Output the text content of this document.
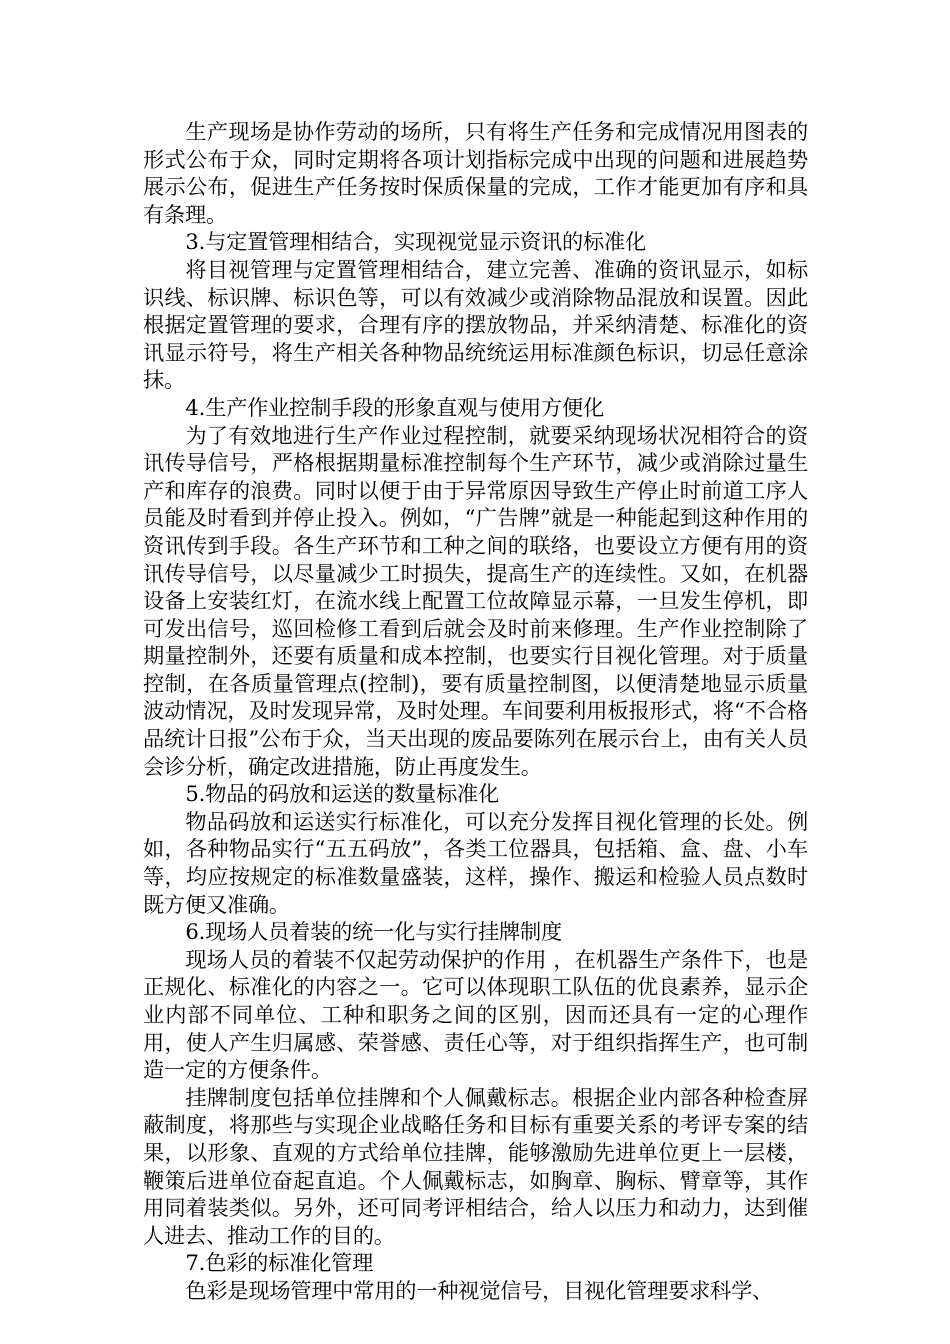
生产现场是协作劳动的场所，只有将生产任务和完成情况用图表的形式公布于众，同时定期将各项计划指标完成中出现的问题和进展趋势展示公布，促进生产任务按时保质保量的完成，工作才能更加有序和具有条理。

3.与定置管理相结合，实现视觉显示资讯的标准化

将目视管理与定置管理相结合，建立完善、准确的资讯显示，如标识线、标识牌、标识色等，可以有效减少或消除物品混放和误置。因此根据定置管理的要求，合理有序的摆放物品，并采纳清楚、标准化的资讯显示符号，将生产相关各种物品统统运用标准颜色标识，切忌任意涂抹。

4.生产作业控制手段的形象直观与使用方便化

为了有效地进行生产作业过程控制，就要采纳现场状况相符合的资讯传导信号，严格根据期量标准控制每个生产环节，减少或消除过量生产和库存的浪费。同时以便于由于异常原因导致生产停止时前道工序人员能及时看到并停止投入。例如，“广告牌”就是一种能起到这种作用的资讯传到手段。各生产环节和工种之间的联络，也要设立方便有用的资讯传导信号，以尽量减少工时损失，提高生产的连续性。又如，在机器设备上安装红灯，在流水线上配置工位故障显示幕，一旦发生停机，即可发出信号，巡回检修工看到后就会及时前来修理。生产作业控制除了期量控制外，还要有质量和成本控制，也要实行目视化管理。对于质量控制，在各质量管理点(控制)，要有质量控制图，以便清楚地显示质量波动情况，及时发现异常，及时处理。车间要利用板报形式，将“不合格品统计日报”公布于众，当天出现的废品要陈列在展示台上，由有关人员会诊分析，确定改进措施，防止再度发生。

5.物品的码放和运送的数量标准化

物品码放和运送实行标准化，可以充分发挥目视化管理的长处。例如，各种物品实行“五五码放”，各类工位器具，包括箱、盒、盘、小车等，均应按规定的标准数量盛装，这样，操作、搬运和检验人员点数时既方便又准确。

6.现场人员着装的统一化与实行挂牌制度

现场人员的着装不仅起劳动保护的作用 ，在机器生产条件下，也是正规化、标准化的内容之一。它可以体现职工队伍的优良素养，显示企业内部不同单位、工种和职务之间的区别，因而还具有一定的心理作用，使人产生归属感、荣誉感、责任心等，对于组织指挥生产，也可制造一定的方便条件。

挂牌制度包括单位挂牌和个人佩戴标志。根据企业内部各种检查屏蔽制度，将那些与实现企业战略任务和目标有重要关系的考评专案的结果，以形象、直观的方式给单位挂牌，能够激励先进单位更上一层楼，鞭策后进单位奋起直追。个人佩戴标志，如胸章、胸标、臂章等，其作用同着装类似。另外，还可同考评相结合，给人以压力和动力，达到催人进去、推动工作的目的。

7.色彩的标准化管理

色彩是现场管理中常用的一种视觉信号，目视化管理要求科学、
